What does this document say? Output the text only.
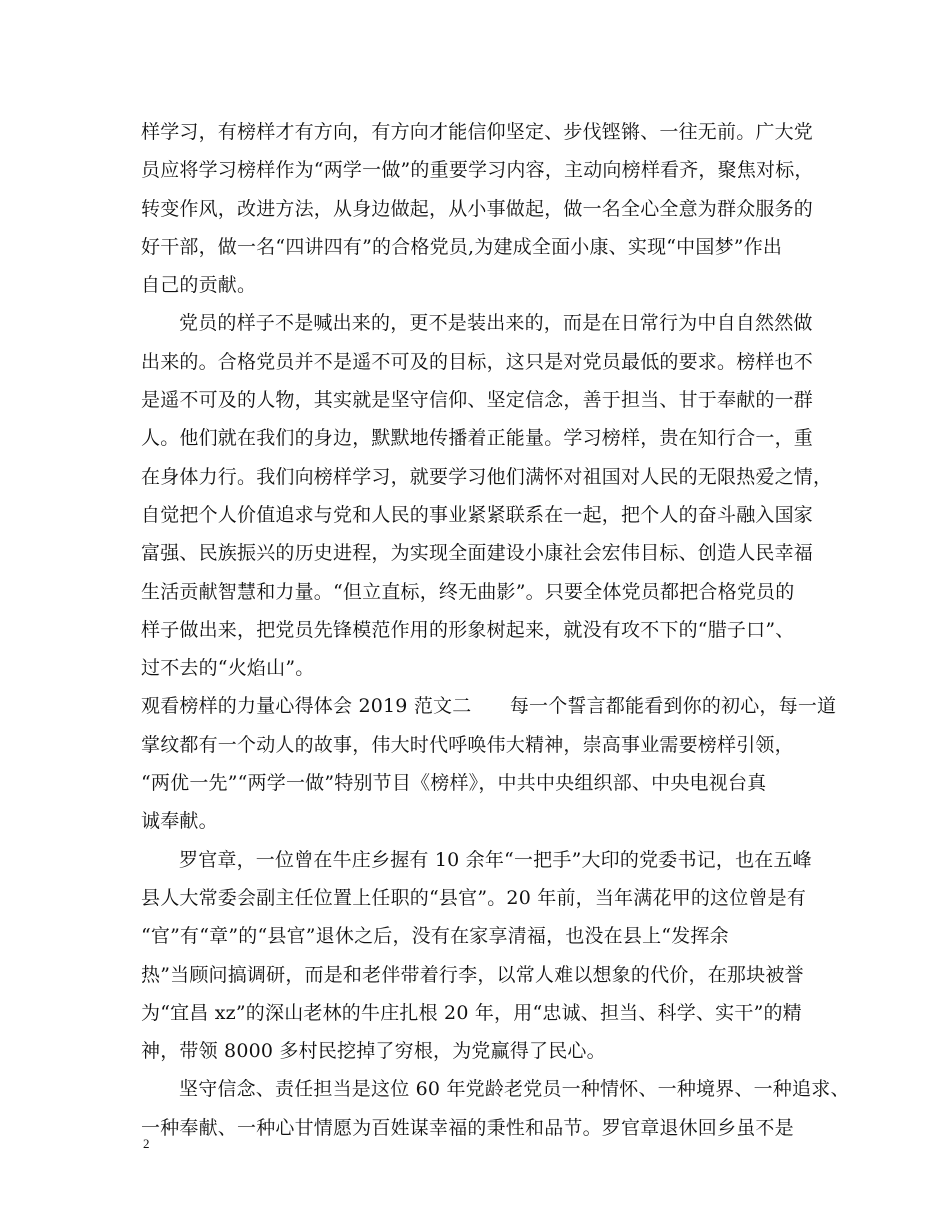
样学习，有榜样才有方向，有方向才能信仰坚定、步伐铿锵、一往无前。广大党
员应将学习榜样作为“两学一做”的重要学习内容，主动向榜样看齐，聚焦对标，
转变作风，改进方法，从身边做起，从小事做起，做一名全心全意为群众服务的
好干部，做一名“四讲四有”的合格党员,为建成全面小康、实现“中国梦”作出
自己的贡献。
党员的样子不是喊出来的，更不是装出来的，而是在日常行为中自自然然做
出来的。合格党员并不是遥不可及的目标，这只是对党员最低的要求。榜样也不
是遥不可及的人物，其实就是坚守信仰、坚定信念，善于担当、甘于奉献的一群
人。他们就在我们的身边，默默地传播着正能量。学习榜样，贵在知行合一，重
在身体力行。我们向榜样学习，就要学习他们满怀对祖国对人民的无限热爱之情，
自觉把个人价值追求与党和人民的事业紧紧联系在一起，把个人的奋斗融入国家
富强、民族振兴的历史进程，为实现全面建设小康社会宏伟目标、创造人民幸福
生活贡献智慧和力量。“但立直标，终无曲影”。只要全体党员都把合格党员的
样子做出来，把党员先锋模范作用的形象树起来，就没有攻不下的“腊子口”、
过不去的“火焰山”。
观看榜样的力量心得体会 2019 范文二　　每一个誓言都能看到你的初心，每一道
掌纹都有一个动人的故事，伟大时代呼唤伟大精神，崇高事业需要榜样引领，
“两优一先”“两学一做”特别节目《榜样》，中共中央组织部、中央电视台真
诚奉献。
罗官章，一位曾在牛庄乡握有 10 余年“一把手”大印的党委书记，也在五峰
县人大常委会副主任位置上任职的“县官”。20 年前，当年满花甲的这位曾是有
“官”有“章”的“县官”退休之后，没有在家享清福，也没在县上“发挥余
热”当顾问搞调研，而是和老伴带着行李，以常人难以想象的代价，在那块被誉
为“宜昌 xz”的深山老林的牛庄扎根 20 年，用“忠诚、担当、科学、实干”的精
神，带领 8000 多村民挖掉了穷根，为党赢得了民心。
坚守信念、责任担当是这位 60 年党龄老党员一种情怀、一种境界、一种追求、
一种奉献、一种心甘情愿为百姓谋幸福的秉性和品节。罗官章退休回乡虽不是
2
